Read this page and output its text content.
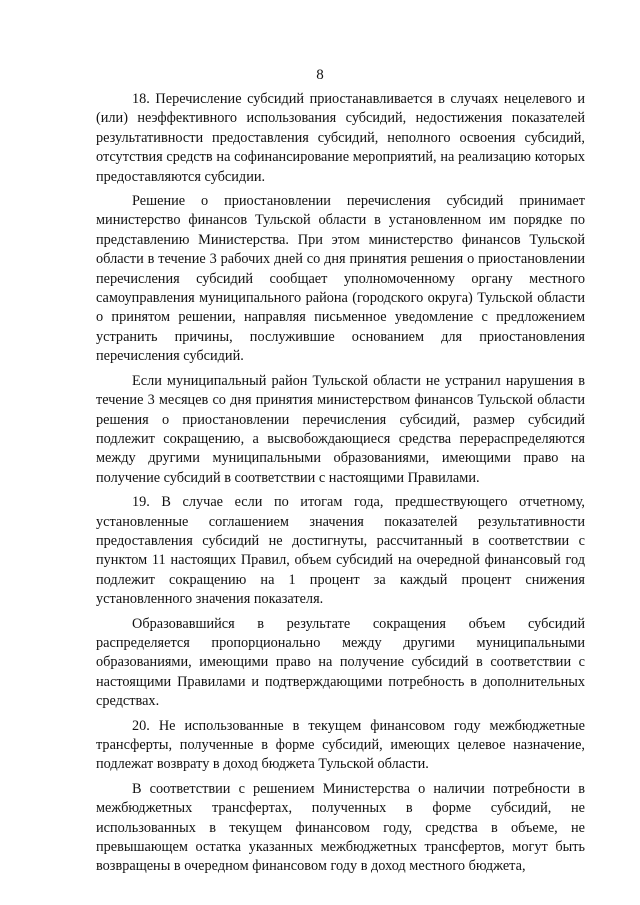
8

18. Перечисление субсидий приостанавливается в случаях нецелевого и (или) неэффективного использования субсидий, недостижения показателей результативности предоставления субсидий, неполного освоения субсидий, отсутствия средств на софинансирование мероприятий, на реализацию которых предоставляются субсидии.

Решение о приостановлении перечисления субсидий принимает министерство финансов Тульской области в установленном им порядке по представлению Министерства. При этом министерство финансов Тульской области в течение 3 рабочих дней со дня принятия решения о приостановлении перечисления субсидий сообщает уполномоченному органу местного самоуправления муниципального района (городского округа) Тульской области о принятом решении, направляя письменное уведомление с предложением устранить причины, послужившие основанием для приостановления перечисления субсидий.

Если муниципальный район Тульской области не устранил нарушения в течение 3 месяцев со дня принятия министерством финансов Тульской области решения о приостановлении перечисления субсидий, размер субсидий подлежит сокращению, а высвобождающиеся средства перераспределяются между другими муниципальными образованиями, имеющими право на получение субсидий в соответствии с настоящими Правилами.

19. В случае если по итогам года, предшествующего отчетному, установленные соглашением значения показателей результативности предоставления субсидий не достигнуты, рассчитанный в соответствии с пунктом 11 настоящих Правил, объем субсидий на очередной финансовый год подлежит сокращению на 1 процент за каждый процент снижения установленного значения показателя.

Образовавшийся в результате сокращения объем субсидий распределяется пропорционально между другими муниципальными образованиями, имеющими право на получение субсидий в соответствии с настоящими Правилами и подтверждающими потребность в дополнительных средствах.

20. Не использованные в текущем финансовом году межбюджетные трансферты, полученные в форме субсидий, имеющих целевое назначение, подлежат возврату в доход бюджета Тульской области.

В соответствии с решением Министерства о наличии потребности в межбюджетных трансфертах, полученных в форме субсидий, не использованных в текущем финансовом году, средства в объеме, не превышающем остатка указанных межбюджетных трансфертов, могут быть возвращены в очередном финансовом году в доход местного бюджета,
